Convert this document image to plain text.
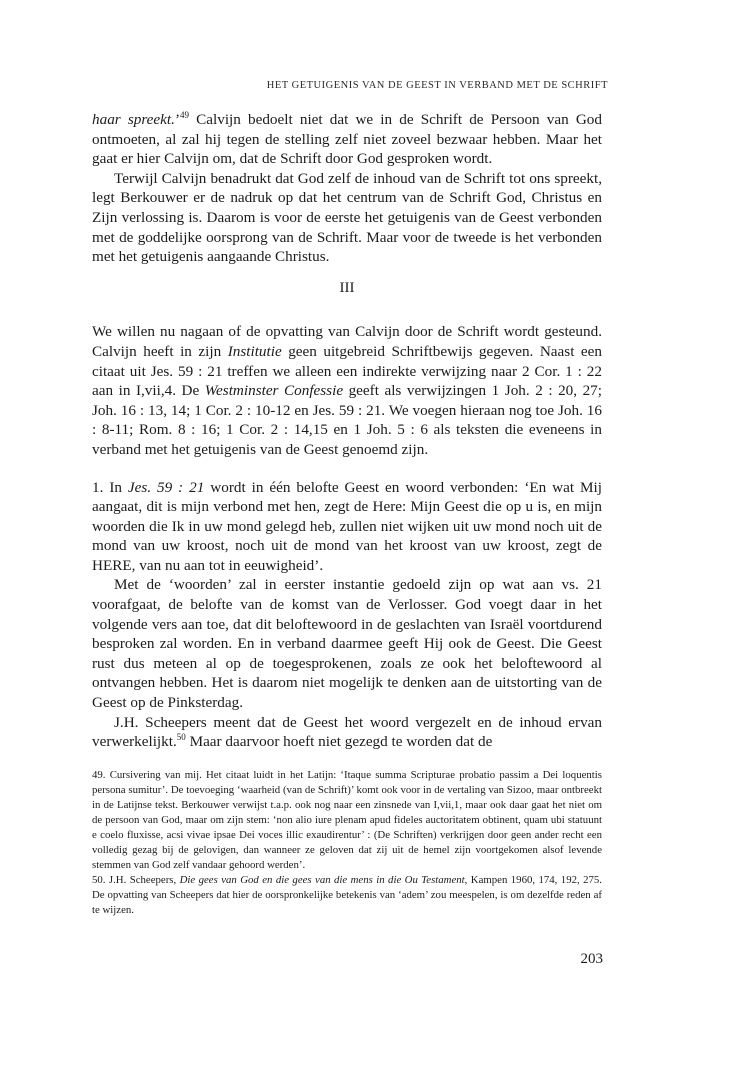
HET GETUIGENIS VAN DE GEEST IN VERBAND MET DE SCHRIFT

haar spreekt.’$^{49}$ Calvijn bedoelt niet dat we in de Schrift de Persoon van God ontmoeten, al zal hij tegen de stelling zelf niet zoveel bezwaar hebben. Maar het gaat er hier Calvijn om, dat de Schrift door God gesproken wordt.

Terwijl Calvijn benadrukt dat God zelf de inhoud van de Schrift tot ons spreekt, legt Berkouwer er de nadruk op dat het centrum van de Schrift God, Christus en Zijn verlossing is. Daarom is voor de eerste het getuigenis van de Geest verbonden met de goddelijke oorsprong van de Schrift. Maar voor de tweede is het verbonden met het getuigenis aangaande Christus.

III

We willen nu nagaan of de opvatting van Calvijn door de Schrift wordt gesteund. Calvijn heeft in zijn Institutie geen uitgebreid Schriftbewijs gegeven. Naast een citaat uit Jes. 59 : 21 treffen we alleen een indirekte verwijzing naar 2 Cor. 1 : 22 aan in I,vii,4. De Westminster Confessie geeft als verwijzingen 1 Joh. 2 : 20, 27; Joh. 16 : 13, 14; 1 Cor. 2 : 10-12 en Jes. 59 : 21. We voegen hieraan nog toe Joh. 16 : 8-11; Rom. 8 : 16; 1 Cor. 2 : 14,15 en 1 Joh. 5 : 6 als teksten die eveneens in verband met het getuigenis van de Geest genoemd zijn.

1. In Jes. 59 : 21 wordt in één belofte Geest en woord verbonden: ‘En wat Mij aangaat, dit is mijn verbond met hen, zegt de Here: Mijn Geest die op u is, en mijn woorden die Ik in uw mond gelegd heb, zullen niet wijken uit uw mond noch uit de mond van uw kroost, noch uit de mond van het kroost van uw kroost, zegt de HERE, van nu aan tot in eeuwigheid’.

Met de ‘woorden’ zal in eerster instantie gedoeld zijn op wat aan vs. 21 voorafgaat, de belofte van de komst van de Verlosser. God voegt daar in het volgende vers aan toe, dat dit beloftewoord in de geslachten van Israël voortdurend besproken zal worden. En in verband daarmee geeft Hij ook de Geest. Die Geest rust dus meteen al op de toegesprokenen, zoals ze ook het beloftewoord al ontvangen hebben. Het is daarom niet mogelijk te denken aan de uitstorting van de Geest op de Pinksterdag.

J.H. Scheepers meent dat de Geest het woord vergezelt en de inhoud ervan verwerkelijkt.$^{50}$ Maar daarvoor hoeft niet gezegd te worden dat de

49. Cursivering van mij. Het citaat luidt in het Latijn: ‘Itaque summa Scripturae probatio passim a Dei loquentis persona sumitur’. De toevoeging ‘waarheid (van de Schrift)’ komt ook voor in de vertaling van Sizoo, maar ontbreekt in de Latijnse tekst. Berkouwer verwijst t.a.p. ook nog naar een zinsnede van I,vii,1, maar ook daar gaat het niet om de persoon van God, maar om zijn stem: ‘non alio iure plenam apud fideles auctoritatem obtinent, quam ubi statuunt e coelo fluxisse, acsi vivae ipsae Dei voces illic exaudirentur’ : (De Schriften) verkrijgen door geen ander recht een volledig gezag bij de gelovigen, dan wanneer ze geloven dat zij uit de hemel zijn voortgekomen alsof levende stemmen van God zelf vandaar gehoord werden’.

50. J.H. Scheepers, Die gees van God en die gees van die mens in die Ou Testament, Kampen 1960, 174, 192, 275. De opvatting van Scheepers dat hier de oorspronkelijke betekenis van ‘adem’ zou meespelen, is om dezelfde reden af te wijzen.

203
